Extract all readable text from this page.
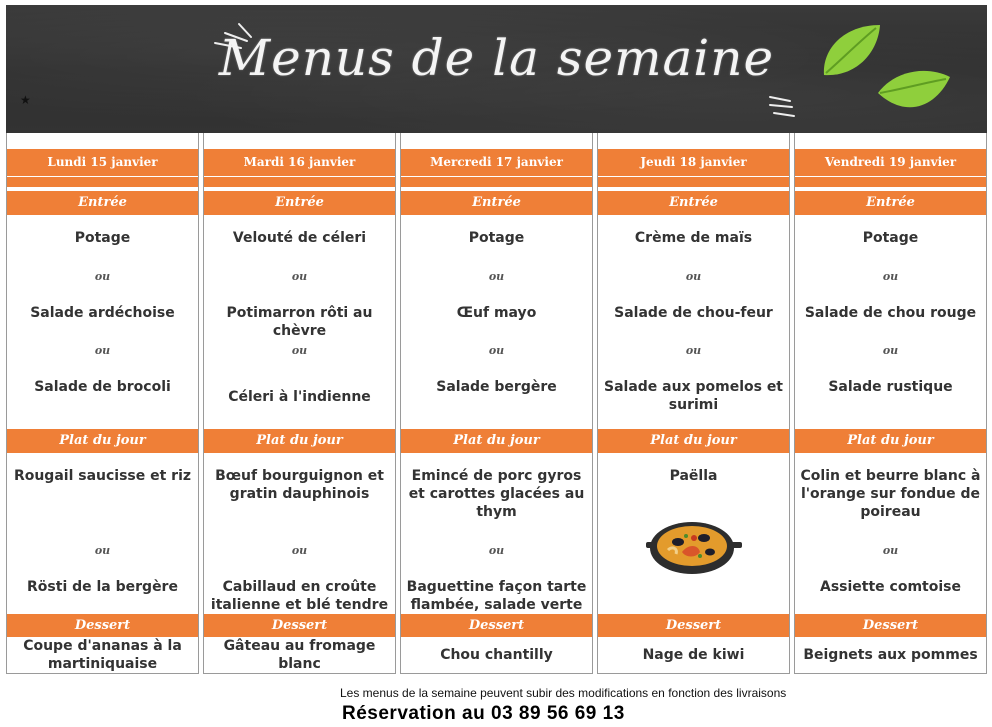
Menus de la semaine
★
Lundi 15 janvier
Entrée
Potage
ou
Salade ardéchoise
ou
Salade de brocoli
Plat du jour
Rougail saucisse et riz
ou
Rösti de la bergère
Dessert
Coupe d'ananas à la martiniquaise
Mardi 16 janvier
Entrée
Velouté de céleri
ou
Potimarron rôti au chèvre
ou
Céleri à l'indienne
Plat du jour
Bœuf bourguignon et gratin dauphinois
ou
Cabillaud en croûte italienne et blé tendre
Dessert
Gâteau au fromage blanc
Mercredi 17 janvier
Entrée
Potage
ou
Œuf mayo
ou
Salade bergère
Plat du jour
Emincé de porc gyros et carottes glacées au thym
ou
Baguettine façon tarte flambée, salade verte
Dessert
Chou chantilly
Jeudi 18 janvier
Entrée
Crème de maïs
ou
Salade de chou-feur
ou
Salade aux pomelos et surimi
Plat du jour
Paëlla
Dessert
Nage de kiwi
Vendredi 19 janvier
Entrée
Potage
ou
Salade de chou rouge
ou
Salade rustique
Plat du jour
Colin et beurre blanc à l'orange sur fondue de poireau
ou
Assiette comtoise
Dessert
Beignets aux pommes
Les menus de la semaine peuvent subir des modifications en fonction des livraisons
Réservation au 03 89 56 69 13
